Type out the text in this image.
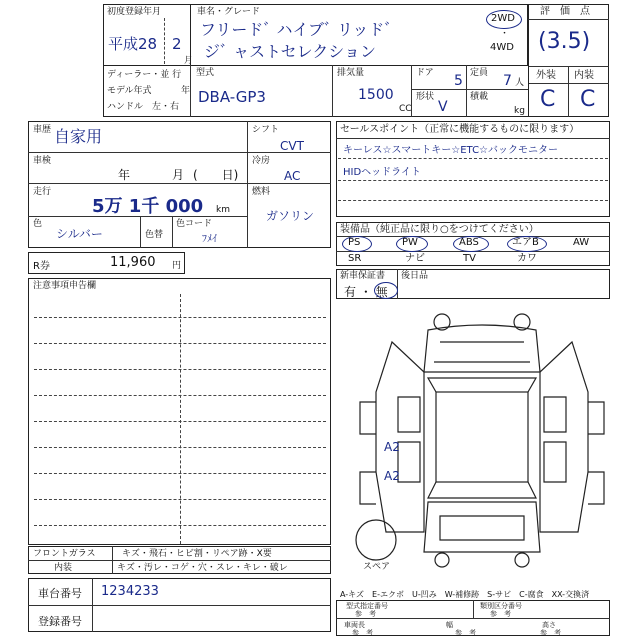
初度登録年月
平成28 2
月
車名・グレード
フリードﾞ ハイブﾞ リッドﾞ
ジﾞ ャストセレクション
2WD
・
4WD
評　価　点
(3.5)
外装 内装
C C
ディーラー・並 行
モデル年式	年
ハンドル　左・右
型式
DBA-GP3
排気量
1500
CC
ドア 5
形状
V
定員 7 人
積載
kg
車歴 自家用
車検
年	月 (　　日)
走行
5万 1千 000 km
色
シルバー	色替
色コード
ﾌﾒｲ
シフト
CVT
冷房
AC
燃料
ガソリン
R券	11,960 円
注意事項申告欄
フロントガラス	キズ・飛石・ヒビ割・リペア跡・X要
内装	キズ・汚レ・コゲ・穴・スレ・キレ・破レ
車台番号 1234233
登録番号
セールスポイント（正常に機能するものに限ります）
キーレス☆スマートキー☆ETC☆バックモニター
HIDヘッドライト
装備品（純正品に限り○をつけてください）
PS	PW	ABS	エアB	AW
SR	ナビ	TV	カワ
新車保証書
有 ・ 無
後日品
A2
A2
スペア
A-キズ　E-エクボ　U-凹み　W-補修跡　S-サビ　C-腐食　XX-交換済
型式指定番号
参　考
類別区分番号
参　考
車両長
参　考
幅
参　考
高さ
参　考
